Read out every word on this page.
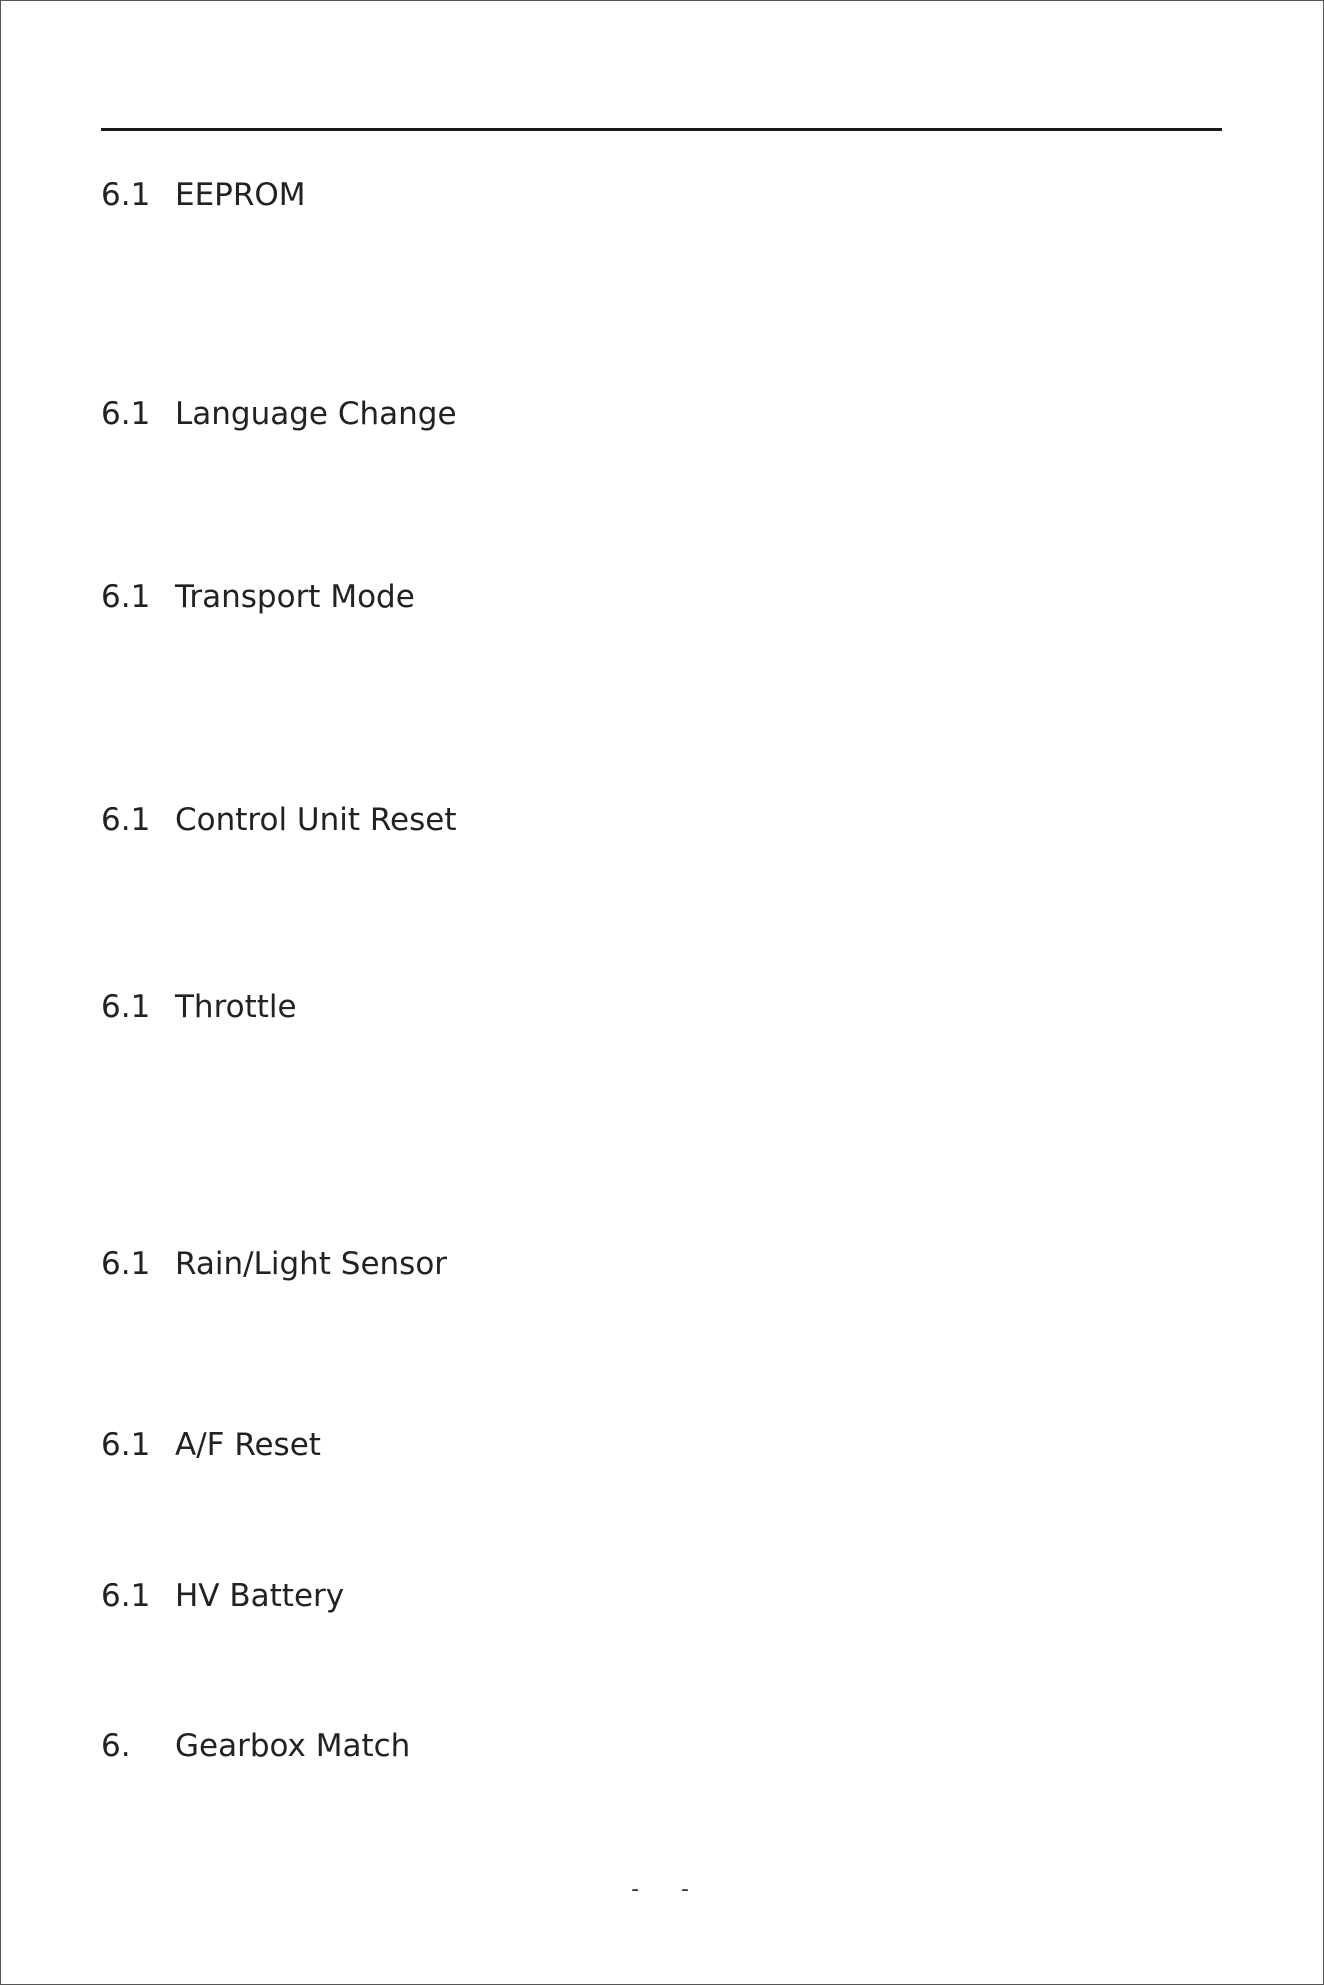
6.1 EEPROM
6.1 Language Change
6.1 Transport Mode
6.1 Control Unit Reset
6.1 Throttle
6.1 Rain/Light Sensor
6.1 A/F Reset
6.1 HV Battery
6. Gearbox Match
-      -
